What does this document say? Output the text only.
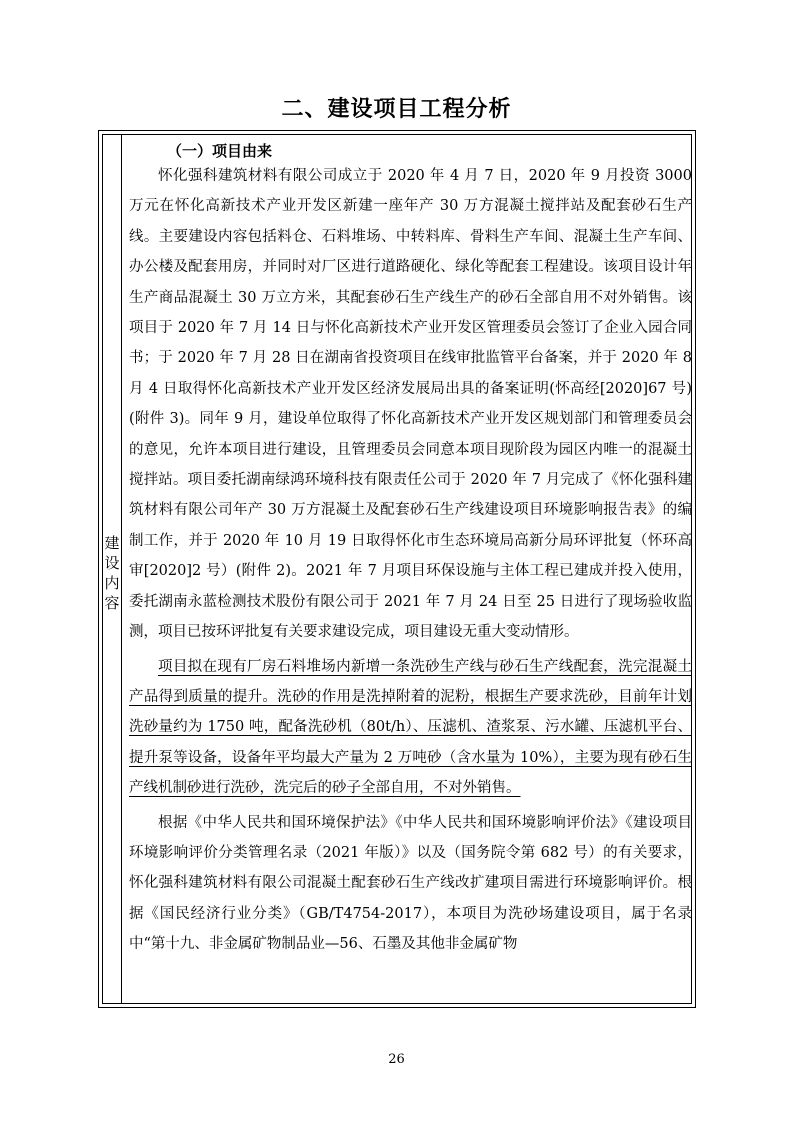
二、建设项目工程分析
建设内容
（一）项目由来

怀化强科建筑材料有限公司成立于 2020 年 4 月 7 日，2020 年 9 月投资 3000 万元在怀化高新技术产业开发区新建一座年产 30 万方混凝土搅拌站及配套砂石生产线。主要建设内容包括料仓、石料堆场、中转料库、骨料生产车间、混凝土生产车间、办公楼及配套用房，并同时对厂区进行道路硬化、绿化等配套工程建设。该项目设计年生产商品混凝土 30 万立方米，其配套砂石生产线生产的砂石全部自用不对外销售。该项目于 2020 年 7 月 14 日与怀化高新技术产业开发区管理委员会签订了企业入园合同书；于 2020 年 7 月 28 日在湖南省投资项目在线审批监管平台备案，并于 2020 年 8 月 4 日取得怀化高新技术产业开发区经济发展局出具的备案证明(怀高经[2020]67 号)(附件 3)。同年 9 月，建设单位取得了怀化高新技术产业开发区规划部门和管理委员会的意见，允许本项目进行建设，且管理委员会同意本项目现阶段为园区内唯一的混凝土搅拌站。项目委托湖南绿鸿环境科技有限责任公司于 2020 年 7 月完成了《怀化强科建筑材料有限公司年产 30 万方混凝土及配套砂石生产线建设项目环境影响报告表》的编制工作，并于 2020 年 10 月 19 日取得怀化市生态环境局高新分局环评批复（怀环高审[2020]2 号）(附件 2)。2021 年 7 月项目环保设施与主体工程已建成并投入使用，委托湖南永蓝检测技术股份有限公司于 2021 年 7 月 24 日至 25 日进行了现场验收监测，项目已按环评批复有关要求建设完成，项目建设无重大变动情形。

项目拟在现有厂房石料堆场内新增一条洗砂生产线与砂石生产线配套，洗完混凝土产品得到质量的提升。洗砂的作用是洗掉附着的泥粉，根据生产要求洗砂，目前年计划洗砂量约为 1750 吨，配备洗砂机（80t/h）、压滤机、渣浆泵、污水罐、压滤机平台、提升泵等设备，设备年平均最大产量为 2 万吨砂（含水量为 10%），主要为现有砂石生产线机制砂进行洗砂，洗完后的砂子全部自用，不对外销售。

根据《中华人民共和国环境保护法》《中华人民共和国环境影响评价法》《建设项目环境影响评价分类管理名录（2021 年版）》以及（国务院令第 682 号）的有关要求，怀化强科建筑材料有限公司混凝土配套砂石生产线改扩建项目需进行环境影响评价。根据《国民经济行业分类》（GB/T4754-2017），本项目为洗砂场建设项目，属于名录中“第十九、非金属矿物制品业—56、石墨及其他非金属矿物

26
